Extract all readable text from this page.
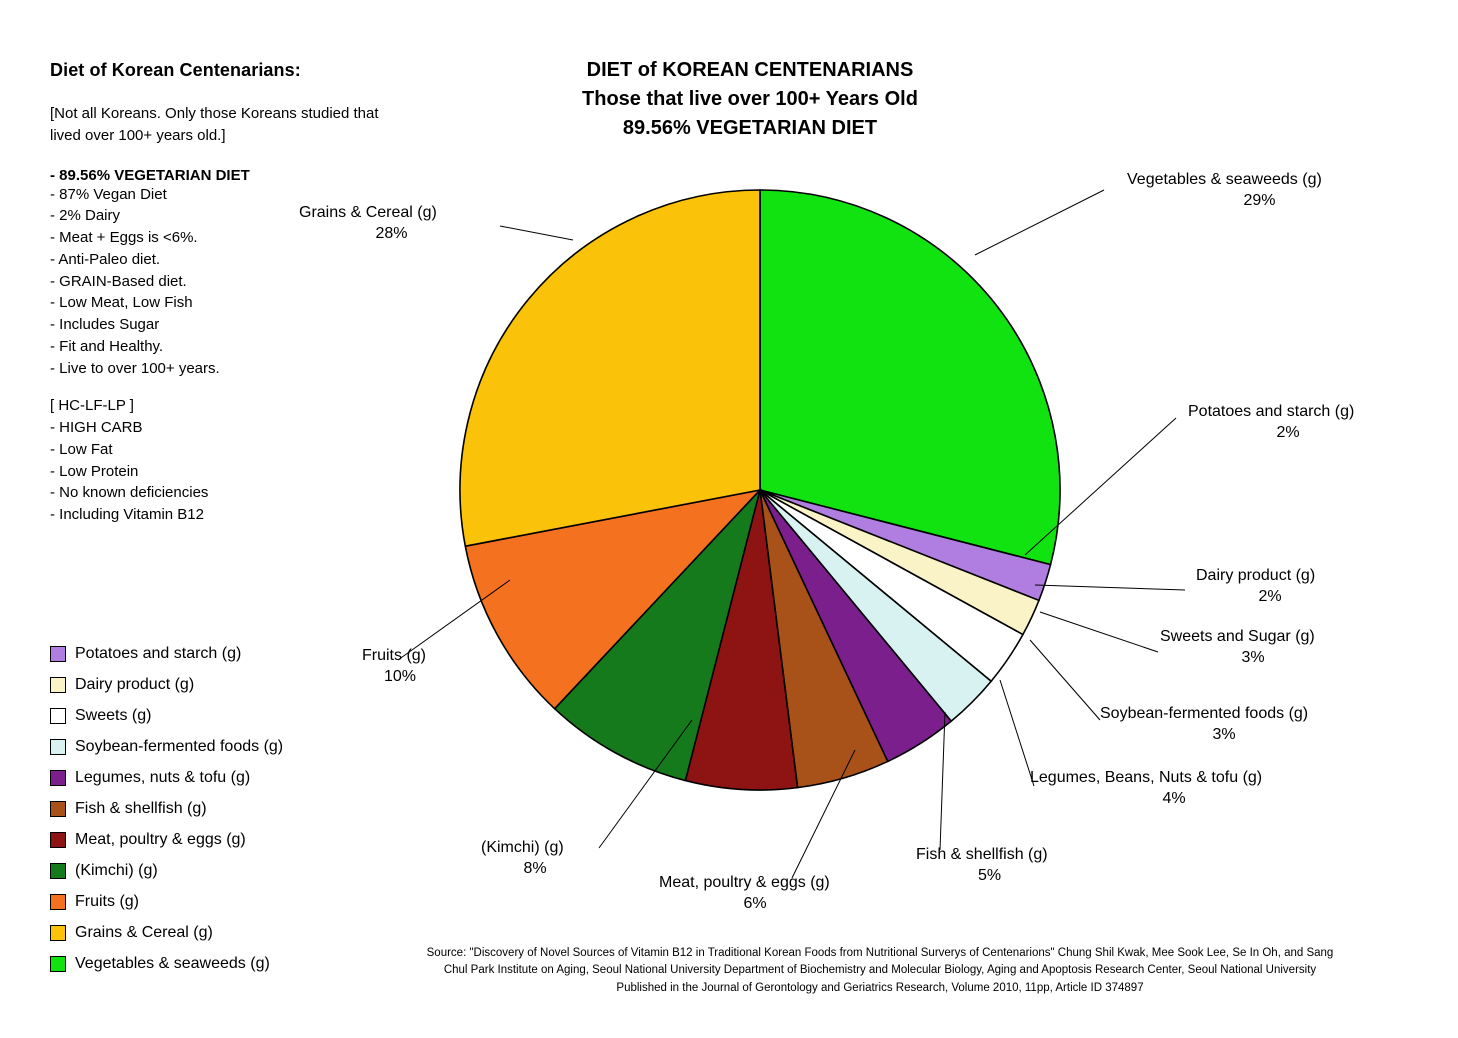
Diet of Korean Centenarians:
[Not all Koreans. Only those Koreans studied that lived over 100+ years old.]
- 89.56% VEGETARIAN DIET
- 87% Vegan Diet
- 2% Dairy
- Meat + Eggs is <6%.
- Anti-Paleo diet.
- GRAIN-Based diet.
- Low Meat, Low Fish
- Includes Sugar
- Fit and Healthy.
- Live to over 100+ years.
[ HC-LF-LP ]
- HIGH CARB
- Low Fat
- Low Protein
- No known deficiencies
- Including Vitamin B12
Potatoes and starch (g)
Dairy product (g)
Sweets (g)
Soybean-fermented foods (g)
Legumes, nuts & tofu (g)
Fish & shellfish (g)
Meat, poultry & eggs (g)
(Kimchi) (g)
Fruits (g)
Grains & Cereal (g)
Vegetables & seaweeds (g)
DIET of KOREAN CENTENARIANS
Those that live over 100+ Years Old
89.56% VEGETARIAN DIET
Vegetables & seaweeds (g)
29%
Potatoes and starch (g)
2%
Dairy product (g)
2%
Sweets and Sugar (g)
3%
Soybean-fermented foods (g)
3%
Legumes, Beans, Nuts & tofu (g)
4%
Fish & shellfish (g)
5%
Meat, poultry & eggs (g)
6%
(Kimchi) (g)
8%
Fruits (g)
10%
Grains & Cereal (g)
28%
Source: "Discovery of Novel Sources of Vitamin B12 in Traditional Korean Foods from Nutritional Surverys of Centenarions" Chung Shil Kwak, Mee Sook Lee, Se In Oh, and Sang
Chul Park Institute on Aging, Seoul National University Department of Biochemistry and Molecular Biology, Aging and Apoptosis Research Center, Seoul National University
Published in the Journal of Gerontology and Geriatrics Research, Volume 2010, 11pp, Article ID 374897
